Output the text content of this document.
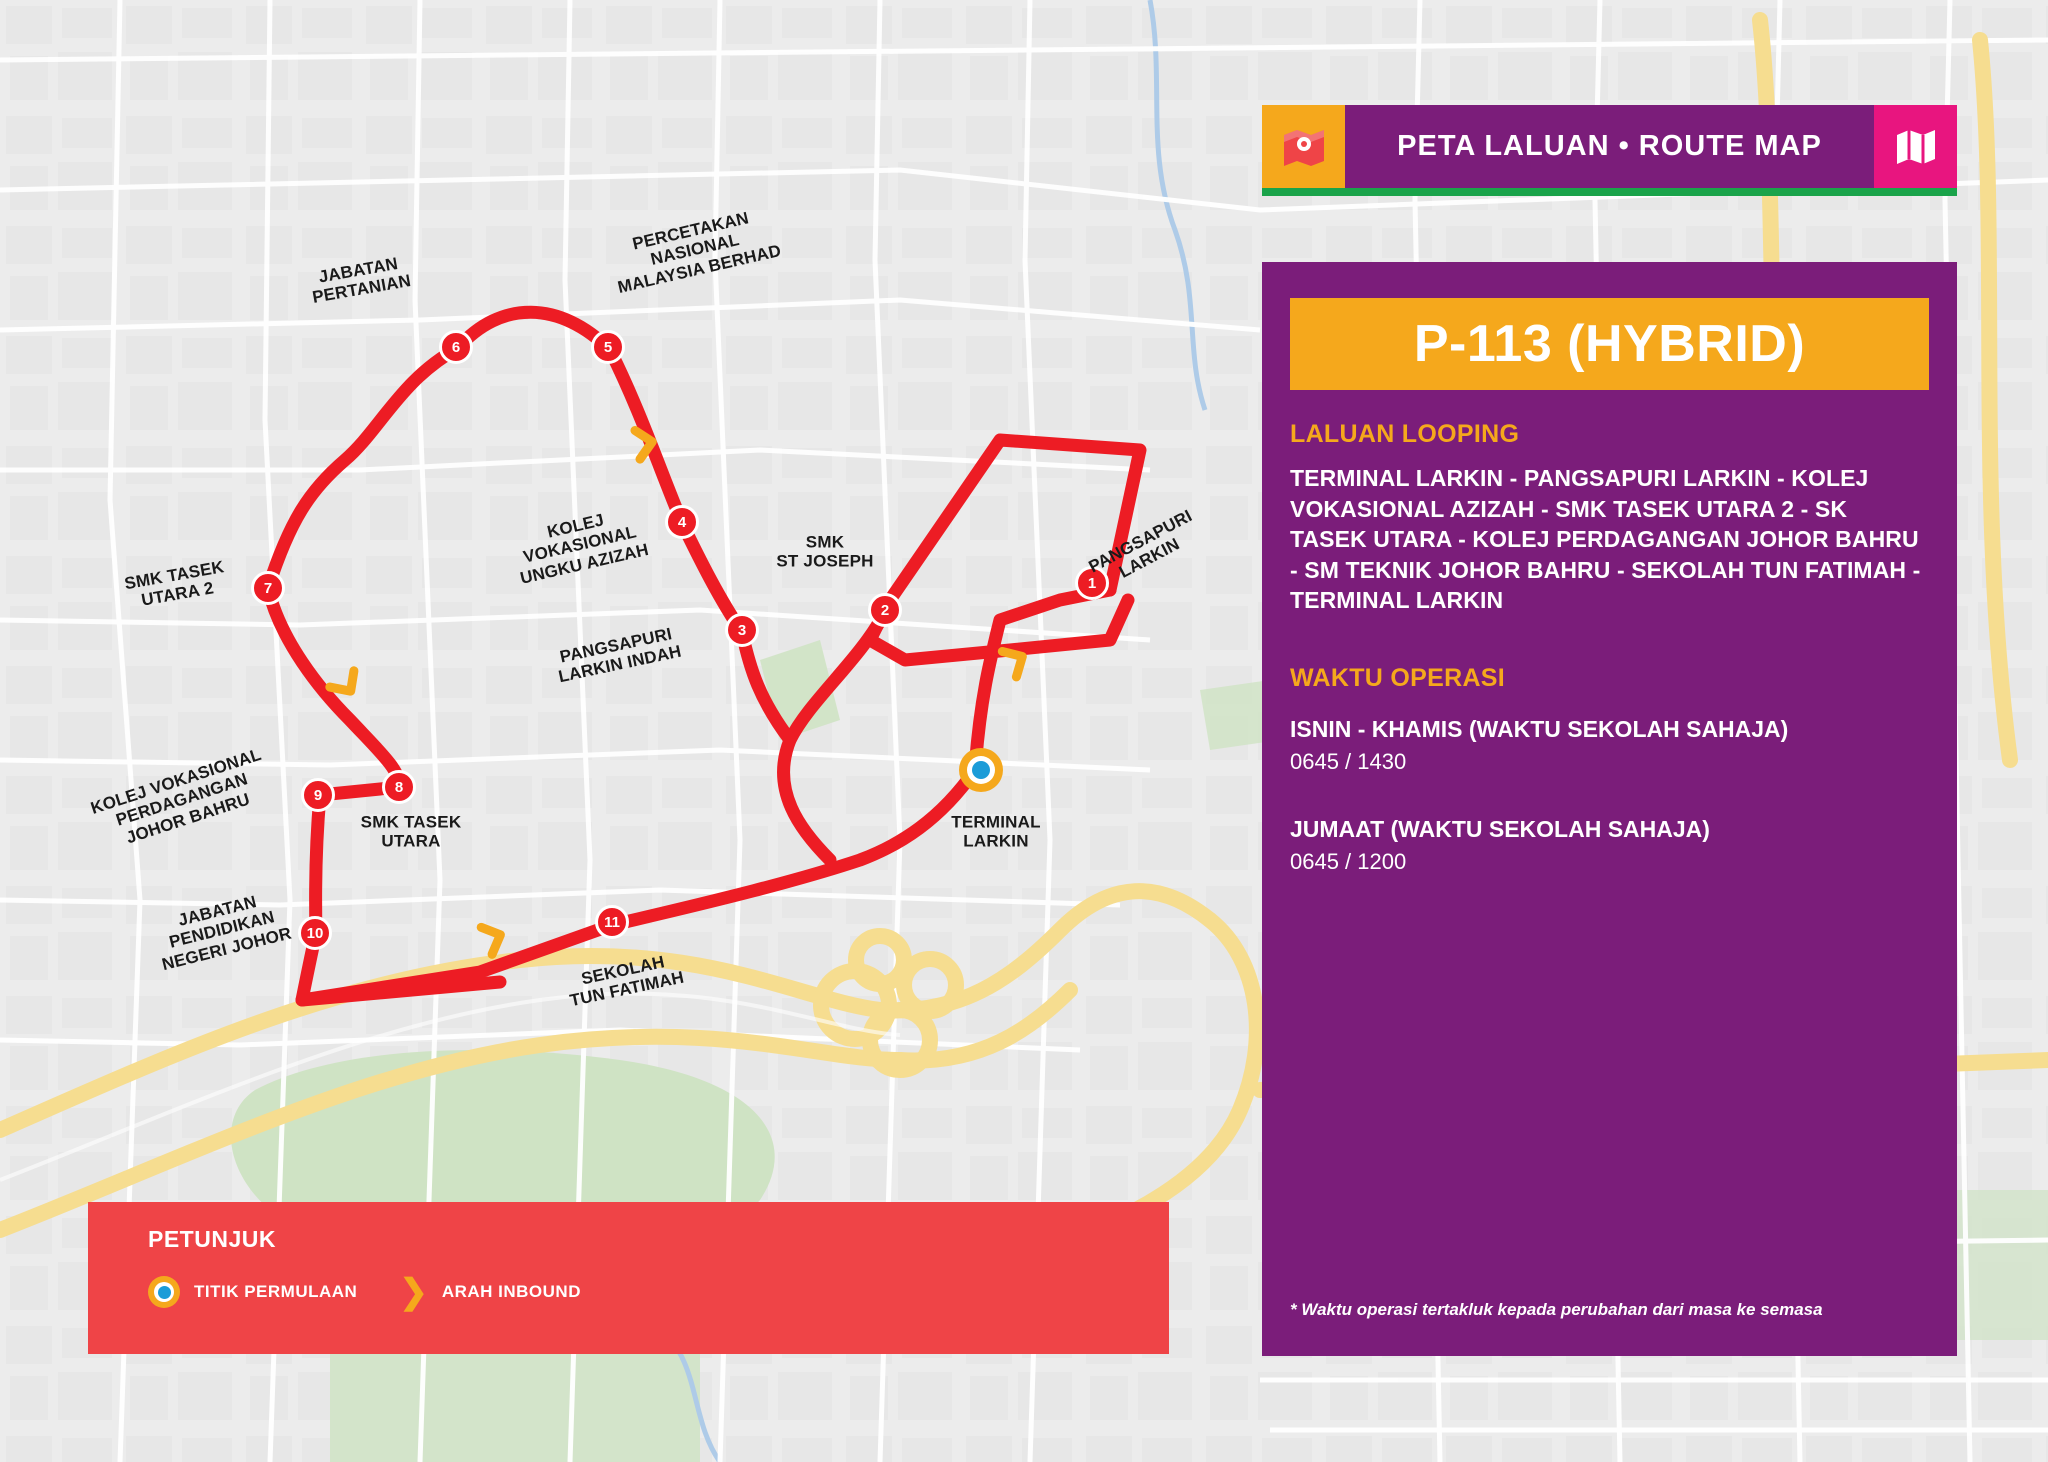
1
2
3
4
5
6
7
8
9
10
11
JABATAN
PERTANIAN
PERCETAKAN
NASIONAL
MALAYSIA BERHAD
SMK
ST JOSEPH	PANGSAPURI
LARKIN
KOLEJ
VOKASIONAL
UNGKU AZIZAH
PANGSAPURI
LARKIN INDAH
SMK TASEK
UTARA 2
KOLEJ VOKASIONAL
PERDAGANGAN
JOHOR BAHRU	SMK TASEK
UTARA
JABATAN
PENDIDIKAN
NEGERI JOHOR	SEKOLAH
TUN FATIMAH
TERMINAL
LARKIN
PETA LALUAN • ROUTE MAP
P-113 (HYBRID)
LALUAN LOOPING

TERMINAL LARKIN - PANGSAPURI LARKIN - KOLEJ VOKASIONAL AZIZAH - SMK TASEK UTARA 2 - SK TASEK UTARA - KOLEJ PERDAGANGAN JOHOR BAHRU - SM TEKNIK JOHOR BAHRU - SEKOLAH TUN FATIMAH - TERMINAL LARKIN

WAKTU OPERASI

ISNIN - KHAMIS (WAKTU SEKOLAH SAHAJA)

0645 / 1430

JUMAAT (WAKTU SEKOLAH SAHAJA)

0645 / 1200

* Waktu operasi tertakluk kepada perubahan dari masa ke semasa
PETUNJUK
TITIK PERMULAAN ❯ ARAH INBOUND
